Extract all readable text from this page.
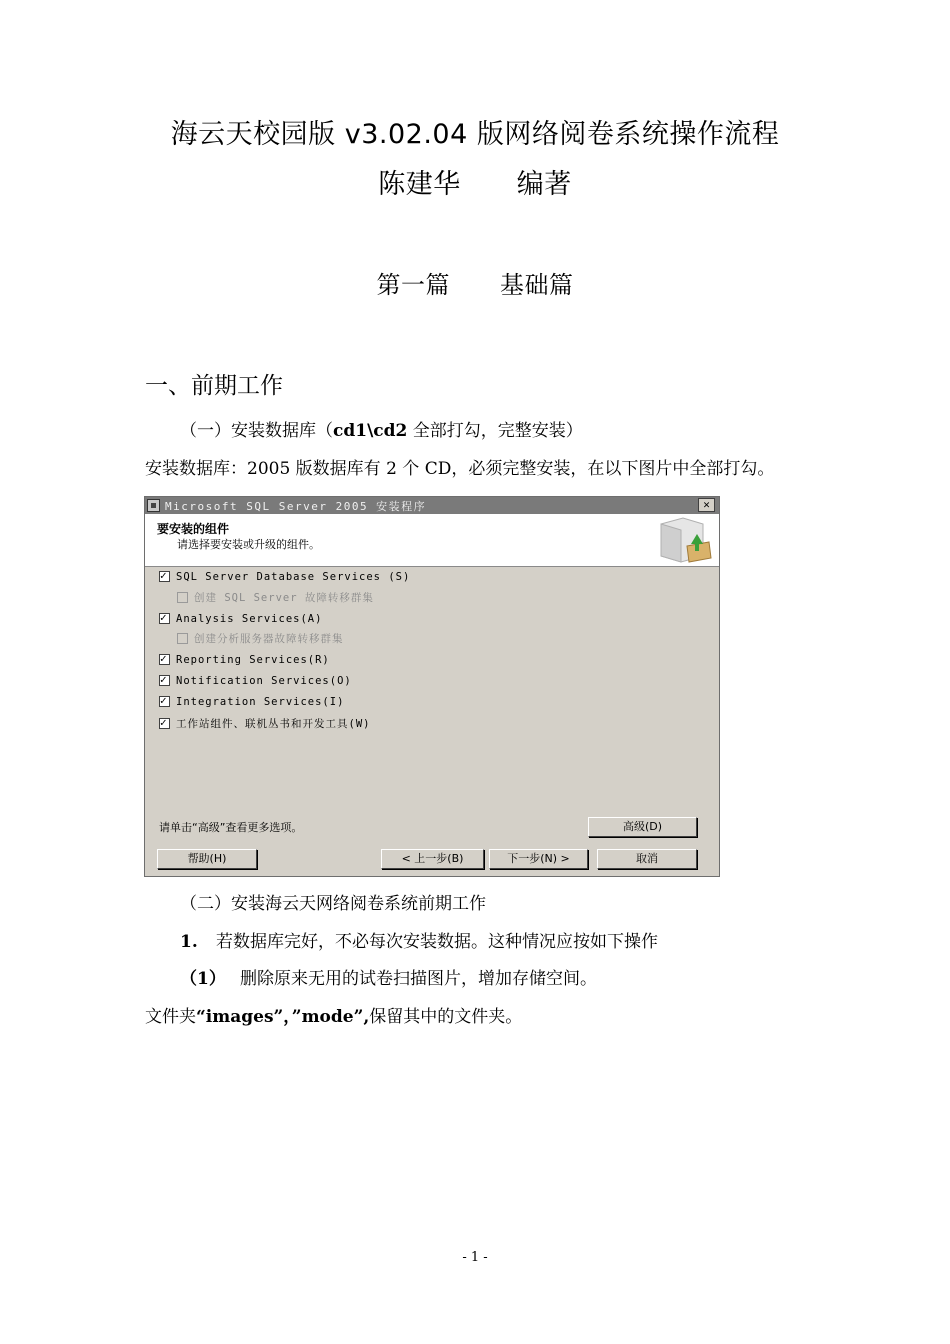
海云天校园版 v3.02.04 版网络阅卷系统操作流程
陈建华 编著
第一篇 基础篇
一、前期工作
（一）安装数据库（cd1\cd2 全部打勾，完整安装）
安装数据库：2005 版数据库有 2 个 CD，必须完整安装，在以下图片中全部打勾。
Microsoft SQL Server 2005 安装程序	✕
要安装的组件
请选择要安装或升级的组件。
✓SQL Server Database Services (S)
创建 SQL Server 故障转移群集
✓Analysis Services(A)
创建分析服务器故障转移群集
✓Reporting Services(R)
✓Notification Services(O)
✓Integration Services(I)
✓工作站组件、联机丛书和开发工具(W)
请单击“高级”查看更多选项。	高级(D)
帮助(H)	< 上一步(B)	下一步(N) >	取消
（二）安装海云天网络阅卷系统前期工作
1. 若数据库完好，不必每次安装数据。这种情况应按如下操作
（1） 删除原来无用的试卷扫描图片，增加存储空间。
文件夹“images”，”mode”,保留其中的文件夹。
- 1 -
